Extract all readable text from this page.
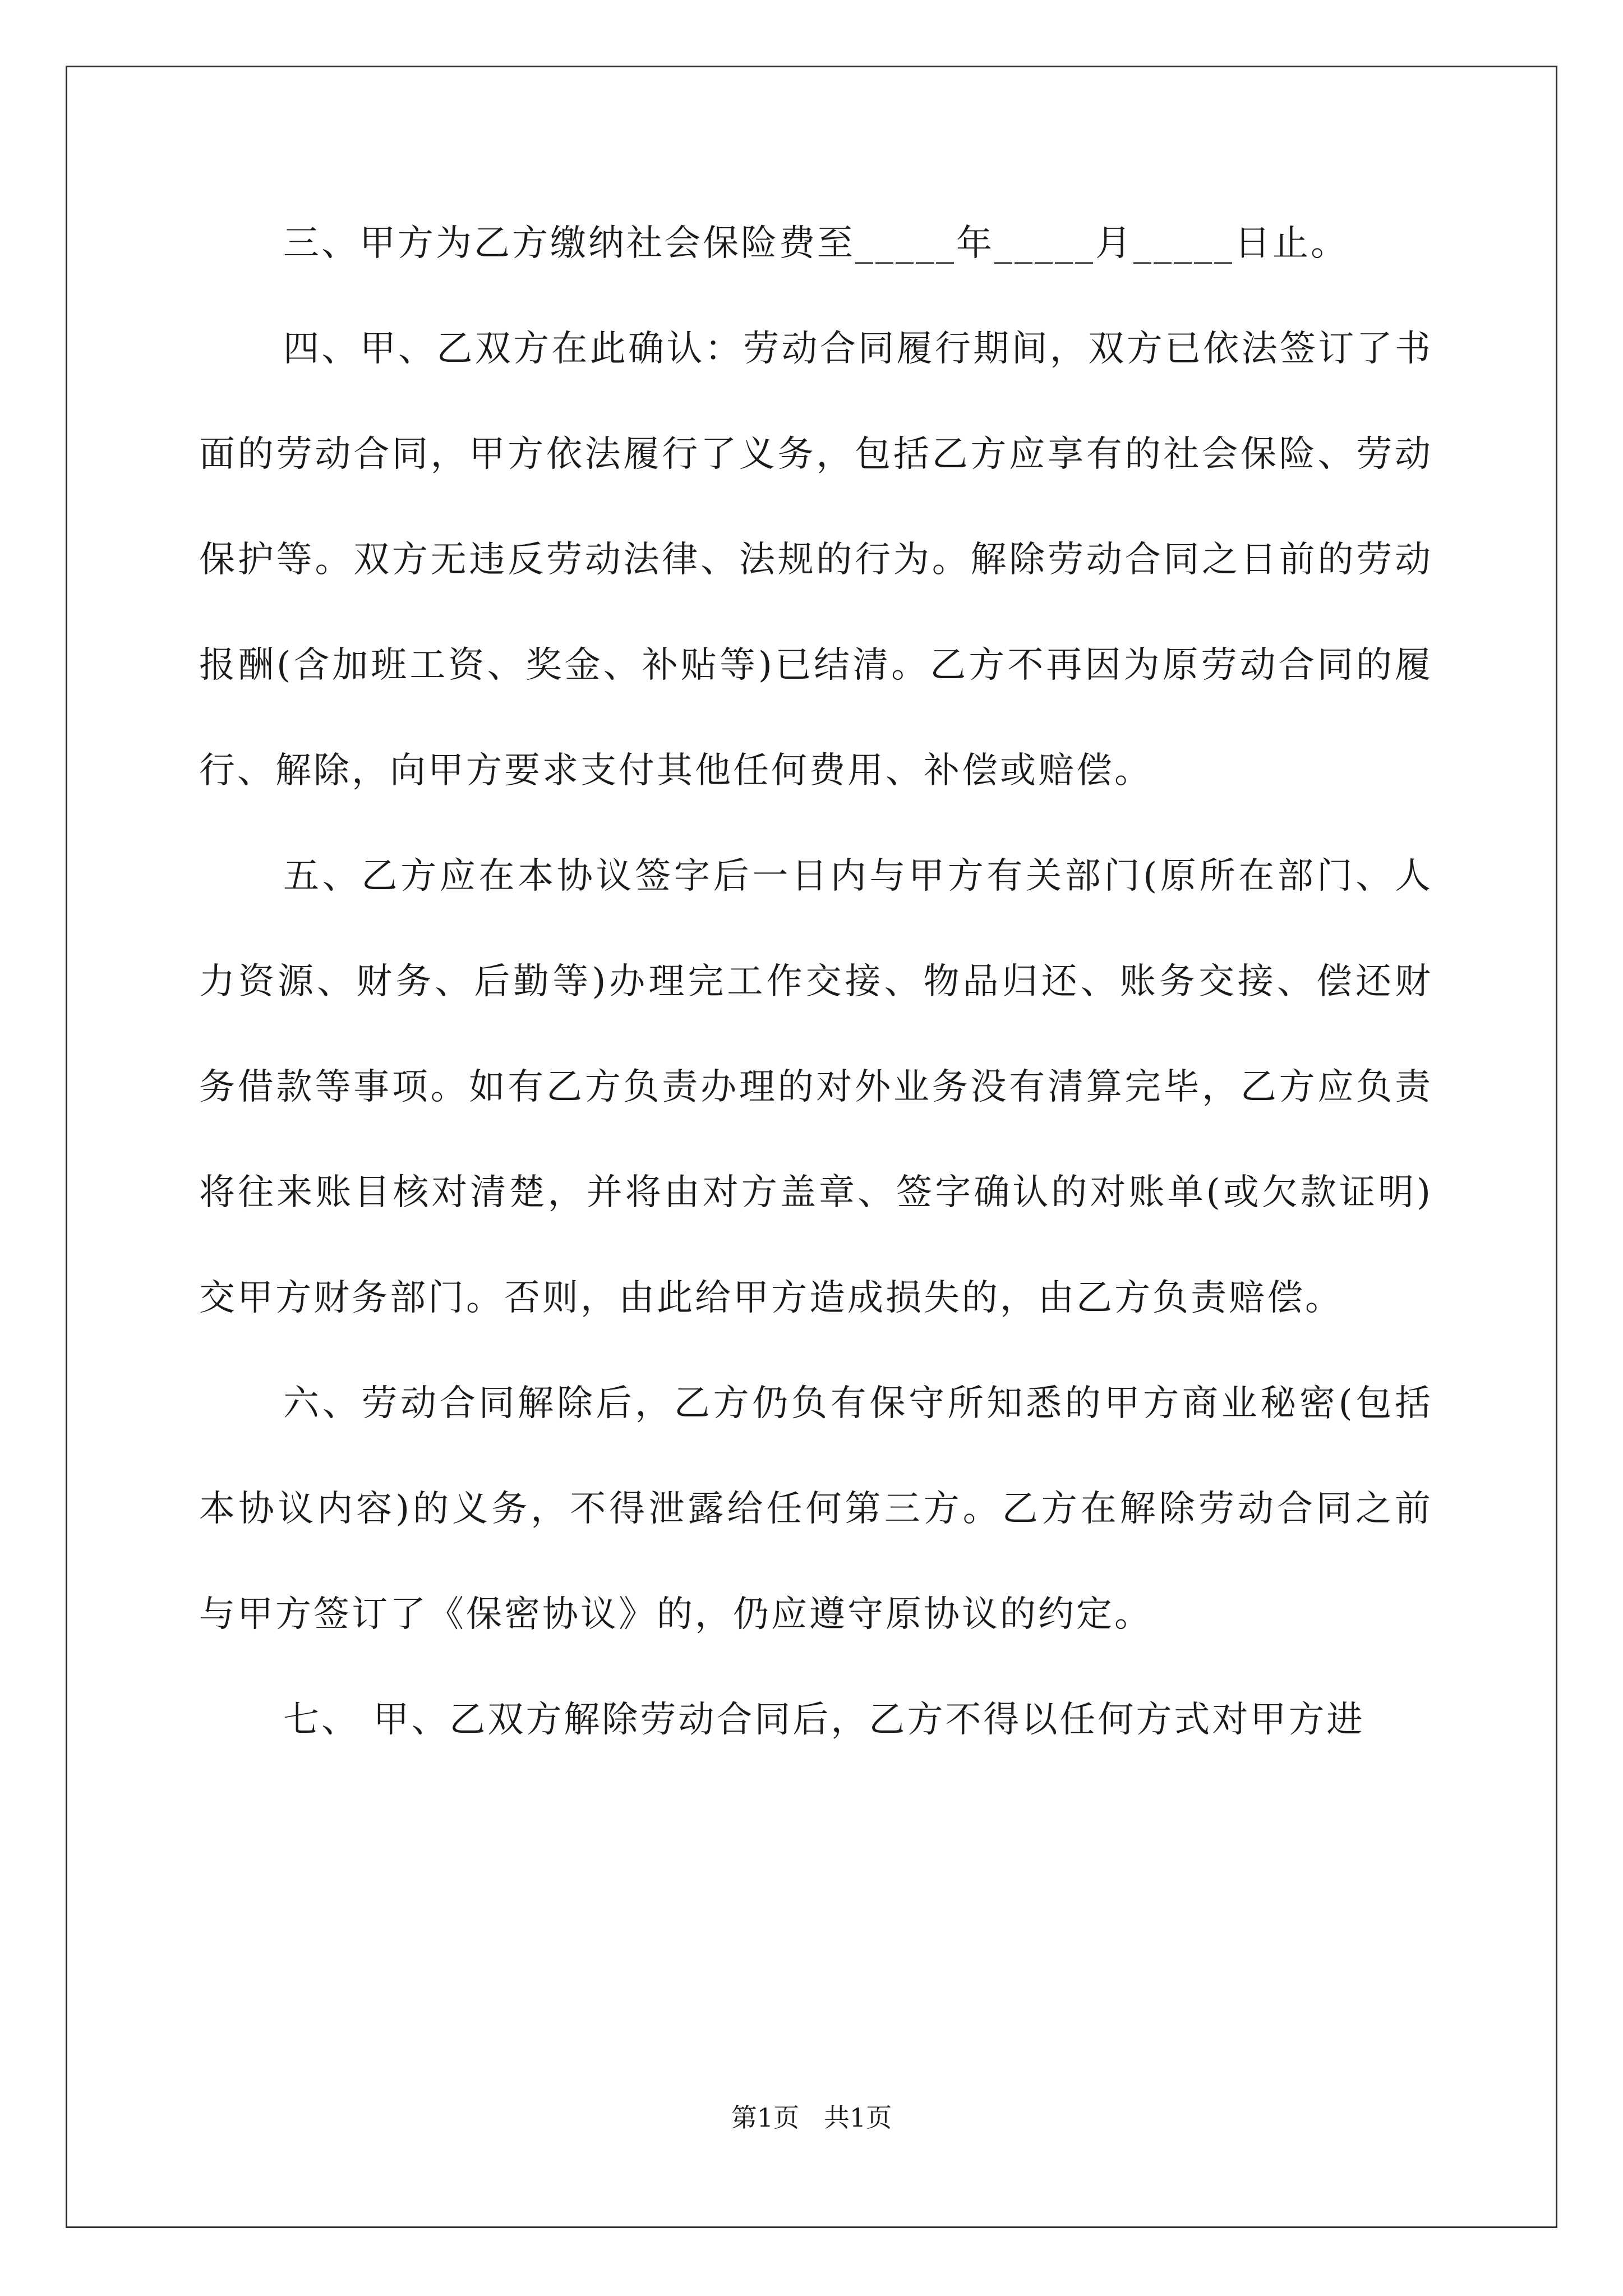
三、甲方为乙方缴纳社会保险费至_____年_____月_____日止。

四、甲、乙双方在此确认：劳动合同履行期间，双方已依法签订了书面的劳动合同，甲方依法履行了义务，包括乙方应享有的社会保险、劳动保护等。双方无违反劳动法律、法规的行为。解除劳动合同之日前的劳动报酬(含加班工资、奖金、补贴等)已结清。乙方不再因为原劳动合同的履行、解除，向甲方要求支付其他任何费用、补偿或赔偿。

五、乙方应在本协议签字后一日内与甲方有关部门(原所在部门、人力资源、财务、后勤等)办理完工作交接、物品归还、账务交接、偿还财务借款等事项。如有乙方负责办理的对外业务没有清算完毕，乙方应负责将往来账目核对清楚，并将由对方盖章、签字确认的对账单(或欠款证明)交甲方财务部门。否则，由此给甲方造成损失的，由乙方负责赔偿。

六、劳动合同解除后，乙方仍负有保守所知悉的甲方商业秘密(包括本协议内容)的义务，不得泄露给任何第三方。乙方在解除劳动合同之前与甲方签订了《保密协议》的，仍应遵守原协议的约定。

七、 甲、乙双方解除劳动合同后，乙方不得以任何方式对甲方进

第1页   共1页
